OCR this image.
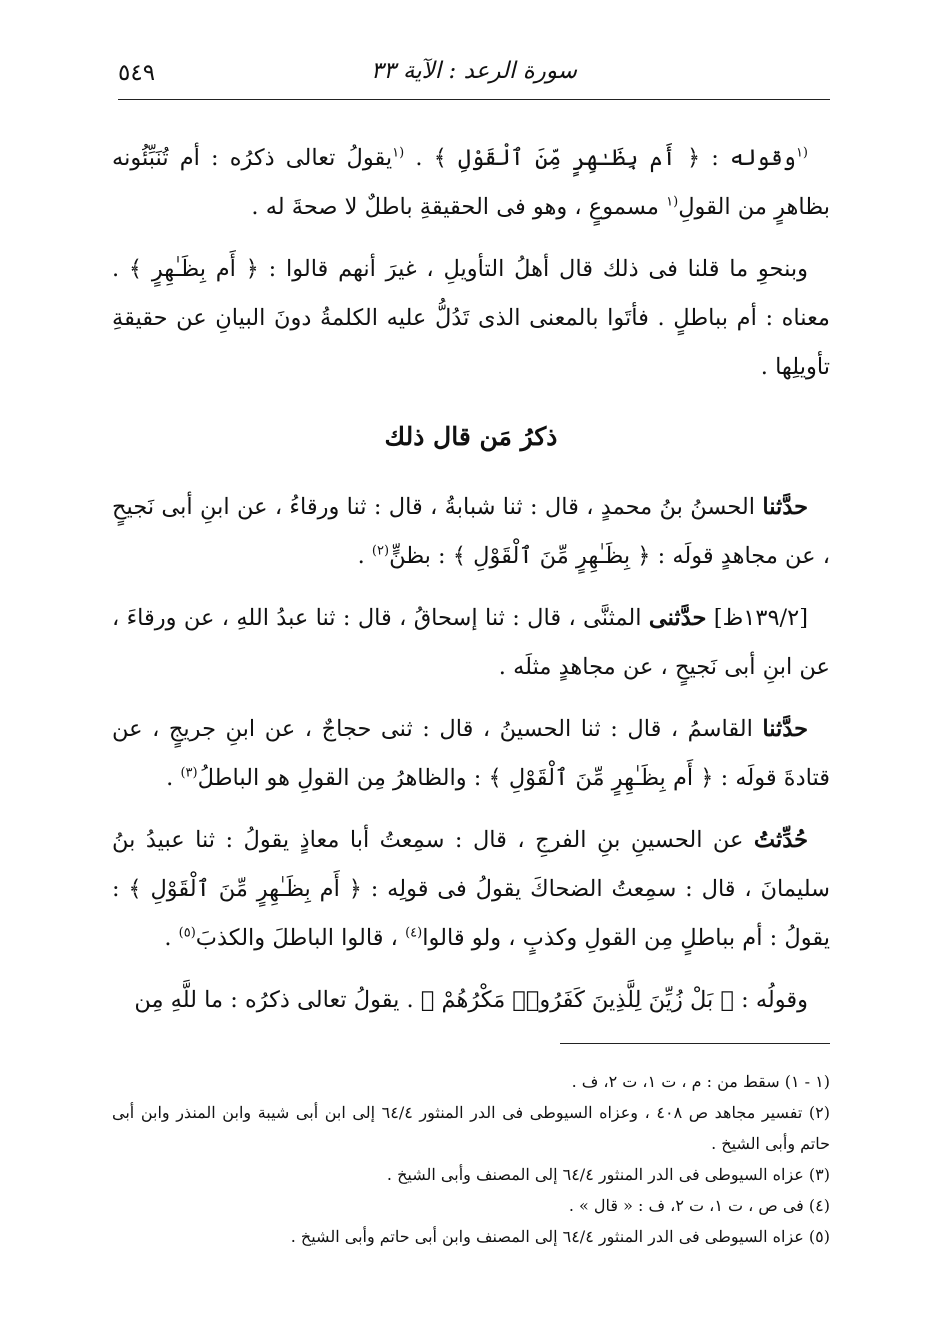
سورة الرعد : الآية ٣٣
٥٤٩

$^{(١}$وقوله : ﴿ أَم بِظَـٰهِرٍ مِّنَ ٱلْقَوْلِ ﴾ . $^{(١}$يقولُ تعالى ذكرُه : أم تُنَبِّئُونه بظاهرٍ من القولِ$^{(١}$ مسموعٍ ، وهو فى الحقيقةِ باطلٌ لا صحةَ له .

وبنحوِ ما قلنا فى ذلك قال أهلُ التأويلِ ، غيرَ أنهم قالوا : ﴿ أَم بِظَـٰهِرٍ ﴾ . معناه : أم بباطلٍ . فأتَوا بالمعنى الذى تَدُلُّ عليه الكلمةُ دونَ البيانِ عن حقيقةِ تأويلِها .

ذكرُ مَن قال ذلك

حدَّثنا الحسنُ بنُ محمدٍ ، قال : ثنا شبابةُ ، قال : ثنا ورقاءُ ، عن ابنِ أبى نَجيحٍ ، عن مجاهدٍ قولَه : ﴿ بِظَـٰهِرٍ مِّنَ ٱلْقَوْلِ ﴾ : بظنٍّ$^{(٢)}$ .

[١٣٩/٢ظ] حدَّثنى المثنَّى ، قال : ثنا إسحاقُ ، قال : ثنا عبدُ اللهِ ، عن ورقاءَ ، عن ابنِ أبى نَجيحٍ ، عن مجاهدٍ مثلَه .

حدَّثنا القاسمُ ، قال : ثنا الحسينُ ، قال : ثنى حجاجٌ ، عن ابنِ جريجٍ ، عن قتادةَ قولَه : ﴿ أَم بِظَـٰهِرٍ مِّنَ ٱلْقَوْلِ ﴾ : والظاهرُ مِن القولِ هو الباطلُ$^{(٣)}$ .

حُدِّثتُ عن الحسينِ بنِ الفرجِ ، قال : سمِعتُ أبا معاذٍ يقولُ : ثنا عبيدُ بنُ سليمانَ ، قال : سمِعتُ الضحاكَ يقولُ فى قولِه : ﴿ أَم بِظَـٰهِرٍ مِّنَ ٱلْقَوْلِ ﴾ : يقولُ : أم بباطلٍ مِن القولِ وكذبٍ ، ولو قالوا$^{(٤)}$ ، قالوا الباطلَ والكذبَ$^{(٥)}$ .

وقولُه : ﴿ بَلْ زُيِّنَ لِلَّذِينَ كَفَرُوا۟ مَكْرُهُمْ ﴾ . يقولُ تعالى ذكرُه : ما للَّهِ مِن

(١ - ١) سقط من : م ، ت ١، ت ٢، ف .

(٢) تفسير مجاهد ص ٤٠٨ ، وعزاه السيوطى فى الدر المنثور ٦٤/٤ إلى ابن أبى شيبة وابن المنذر وابن أبى حاتم وأبى الشيخ .

(٣) عزاه السيوطى فى الدر المنثور ٦٤/٤ إلى المصنف وأبى الشيخ .

(٤) فى ص ، ت ١، ت ٢، ف : « قال » .

(٥) عزاه السيوطى فى الدر المنثور ٦٤/٤ إلى المصنف وابن أبى حاتم وأبى الشيخ .
